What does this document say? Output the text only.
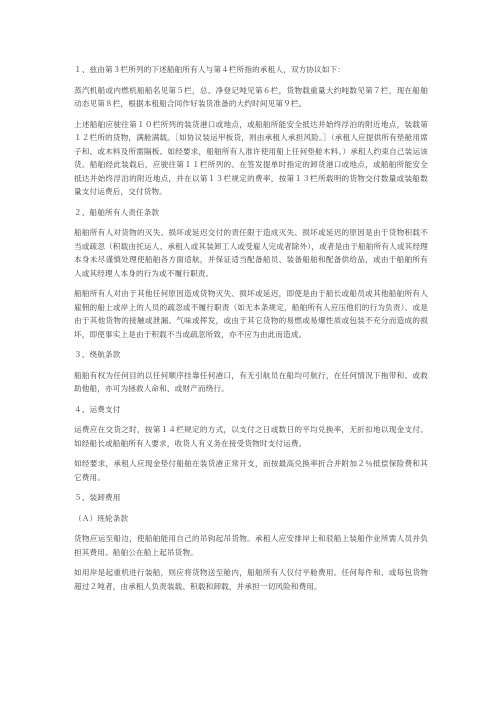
１、兹由第３栏所列的下述船舶所有人与第４栏所指的承租人，双方协议如下：

蒸汽机船或内燃机船船名见第５栏，总、净登记吨见第６栏，货物载重量大约吨数见第７栏，现在船舶动态见第８栏，根据本租船合同作好装货准备的大约时间见第９栏。

上述船舶应驶往第１０栏所列的装货港口或地点，或船舶所能安全抵达并始终浮泊的附近地点，装载第１２栏所的货物，满舱满载。［如协议装运甲板货，则由承租人承担风险。］（承租人应提供所有垫舱用席子和、或木料及所需隔板。如经要求，船舶所有人准许使用船上任何垫舱木料。）承租人约束自己装运该货。船舶经此装载后，应驶往第１１栏所列的、在签发提单时指定的卸货港口或地点，或船舶所能安全抵达并始终浮泊的附近地点，并在以第１３栏规定的费率，按第１３栏所载明的货物交付数量或装船数量支付运费后，交付货物。

２、船舶所有人责任条款

船舶所有人对货物的灭失、损坏或延迟交付的责任限于造成灭失、损坏或延迟的原因是由于货物积载不当或疏忽（积载由托运人、承租人或其装卸工人或受雇人完成者除外），或者是由于船舶所有人或其经理本身未尽谨慎处理使船舶各方面适航，并保证适当配备船员、装备船舶和配备供给品，或由于船舶所有人或其经理人本身的行为或不履行职责。

船舶所有人对由于其他任何原因造成货物灭失、损坏或延迟，即使是由于船长或船员或其他船舶所有人雇佣的船上或岸上的人员的疏忽或不履行职责（如无本条规定，船舶所有人应压他们的行为负责）、或是由于其他货物的接触或泄漏、气味或挥发，或由于其它货物的易燃或易爆性质或包装不充分而造成的损坏，即使事实上是由于积载不当或疏忽所致，亦不应为由此而造成。

３、绕航条款

船舶有权为任何目的以任何顺序挂靠任何港口，有无引航员在船均可航行，在任何情况下拖带和、或救助他船，亦可为拯救人命和、或财产而绕行。

４、运费支付

运费应在交货之时，按第１４栏规定的方式，以支付之日或数日的平均兑换率，无折扣地以现金支付。如经船长或船舶所有人要求，收货人有义务在接受货物时支付运费。

如经要求，承租人应现金垫付船舶在装货港正常开支，而按最高兑换率折合并附加２％抵偿保险费和其它费用。

５、装卸费用

（Ａ）班轮条款

货物应运至船边，使船舶能用自己的吊钩起吊货物。承租人应安排岸上和驳船上装船作业所需人员并负担其费用。船舶公在船上起吊货物。

如用岸是起重机进行装船，则应将货物送至舱内，船舶所有人仅付平舱费用。任何每件和、或每包货物超过２吨者，由承租人负责装载、积载和卸载，并承担一切风险和费用。
